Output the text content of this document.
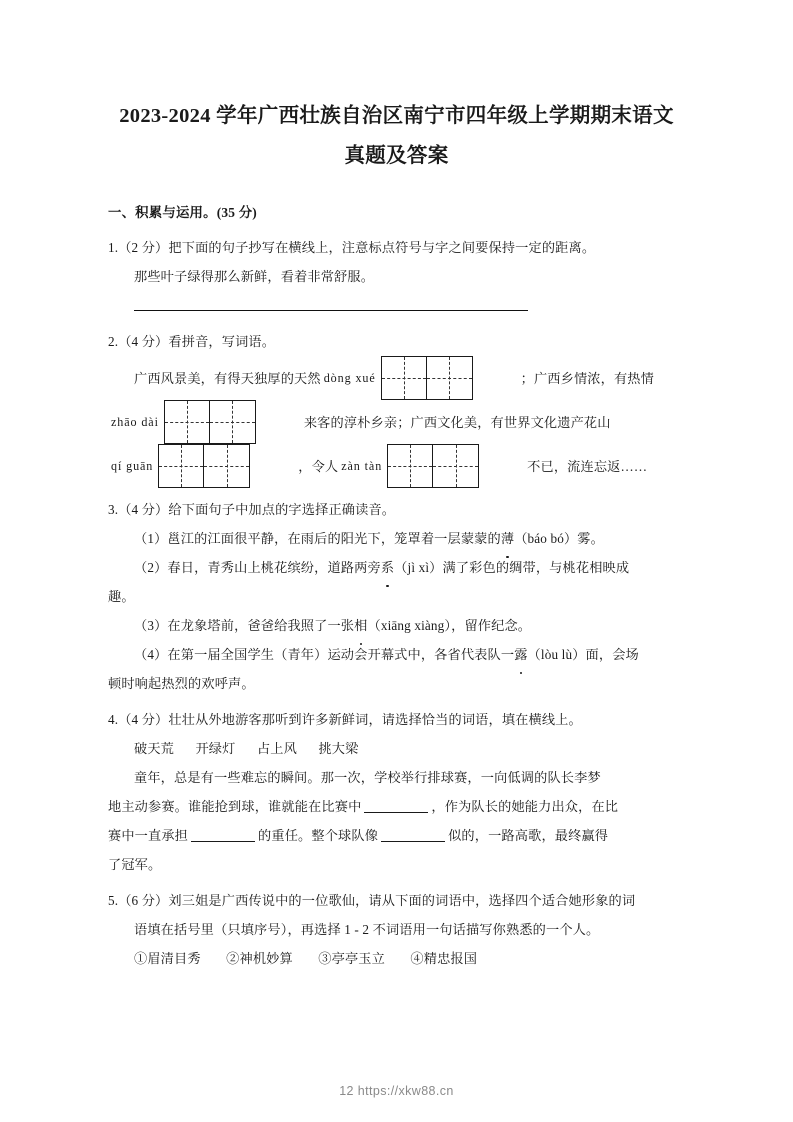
2023-2024 学年广西壮族自治区南宁市四年级上学期期末语文真题及答案
一、积累与运用。(35 分)
1.（2 分）把下面的句子抄写在横线上，注意标点符号与字之间要保持一定的距离。
那些叶子绿得那么新鲜，看着非常舒服。
2.（4 分）看拼音，写词语。
广西风景美，有得天独厚的天然 dòng xué	；广西乡情浓，有热情
zhāo dài	来客的淳朴乡亲；广西文化美，有世界文化遗产花山
qí guān	，令人 zàn tàn	不已，流连忘返……
3.（4 分）给下面句子中加点的字选择正确读音。
（1）邕江的江面很平静，在雨后的阳光下，笼罩着一层蒙蒙的薄（báo bó）雾。
（2）春日，青秀山上桃花缤纷，道路两旁系（jì xì）满了彩色的绸带，与桃花相映成
趣。
（3）在龙象塔前，爸爸给我照了一张相（xiāng xiàng），留作纪念。
（4）在第一届全国学生（青年）运动会开幕式中，各省代表队一露（lòu lù）面，会场
顿时响起热烈的欢呼声。
4.（4 分）壮壮从外地游客那听到许多新鲜词，请选择恰当的词语，填在横线上。
破天荒 开绿灯 占上风 挑大梁
童年，总是有一些难忘的瞬间。那一次，学校举行排球赛，一向低调的队长李梦
地主动参赛。谁能抢到球，谁就能在比赛中	，作为队长的她能力出众，在比
赛中一直承担	的重任。整个球队像	似的，一路高歌，最终赢得
了冠军。
5.（6 分）刘三姐是广西传说中的一位歌仙，请从下面的词语中，选择四个适合她形象的词
语填在括号里（只填序号），再选择 1 - 2 不词语用一句话描写你熟悉的一个人。
①眉清目秀 ②神机妙算 ③亭亭玉立 ④精忠报国
12 https://xkw88.cn
